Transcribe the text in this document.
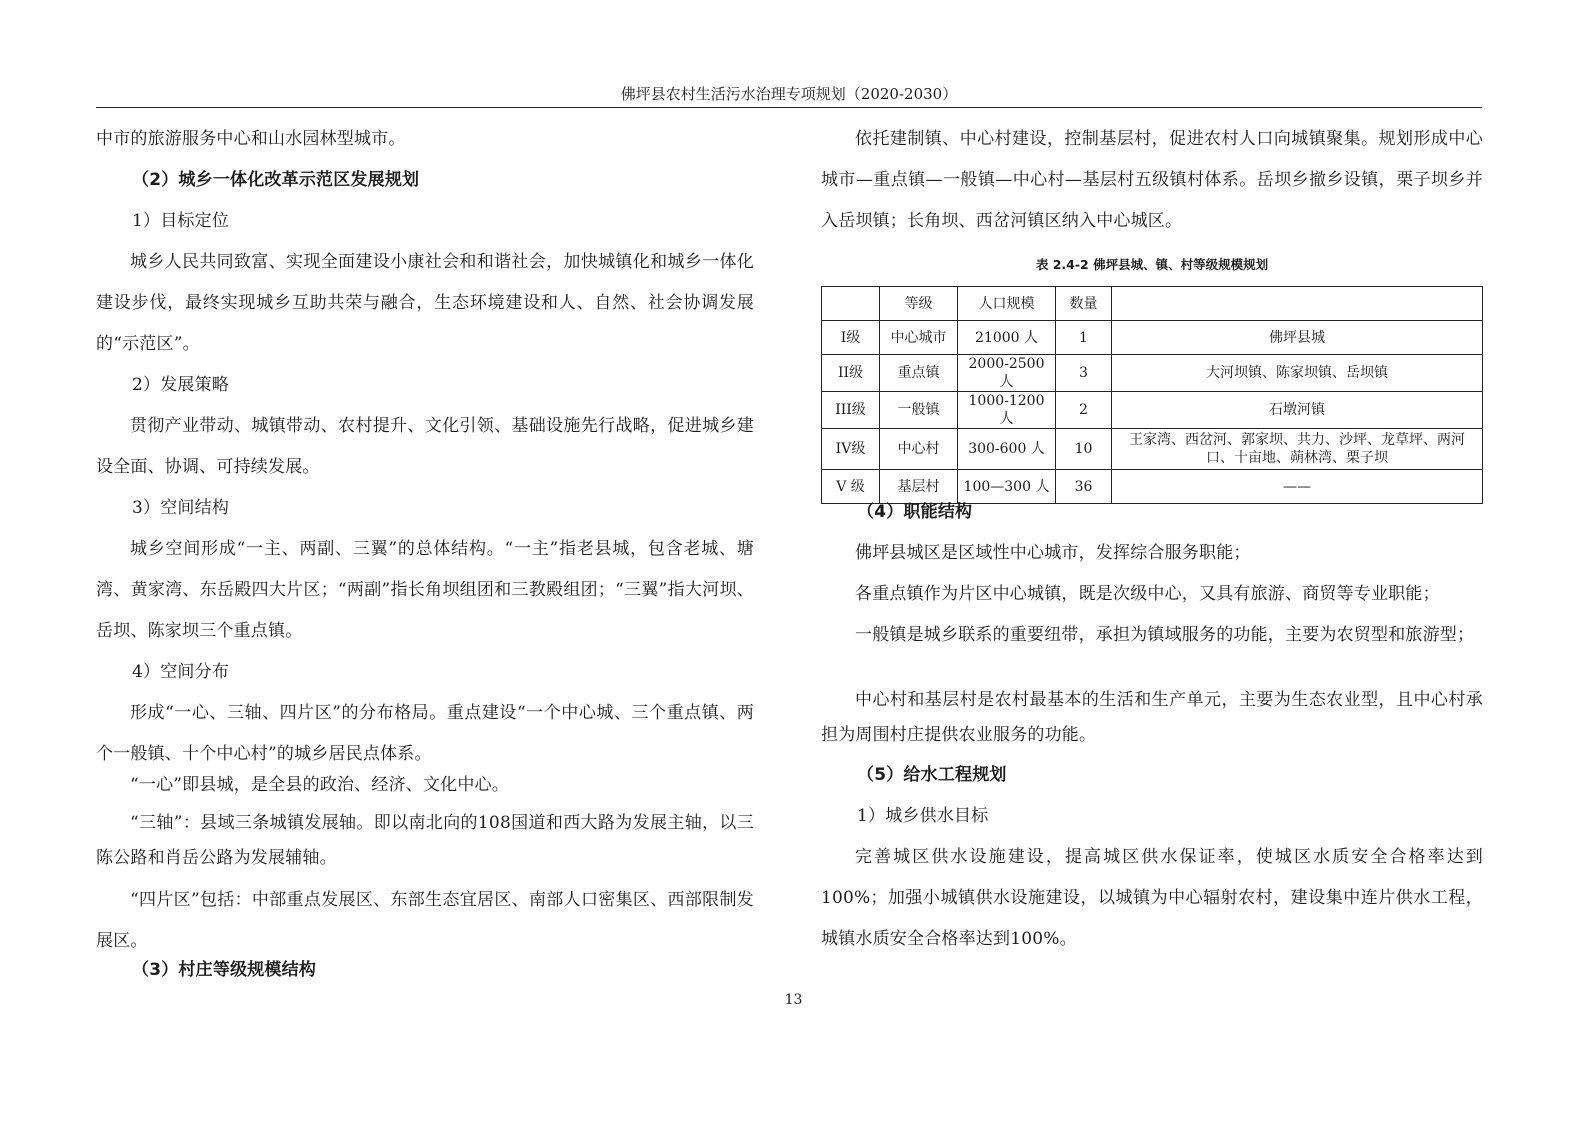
佛坪县农村生活污水治理专项规划（2020-2030）
中市的旅游服务中心和山水园林型城市。
（2）城乡一体化改革示范区发展规划
1）目标定位
城乡人民共同致富、实现全面建设小康社会和和谐社会，加快城镇化和城乡一体化建设步伐，最终实现城乡互助共荣与融合，生态环境建设和人、自然、社会协调发展的“示范区”。
2）发展策略
贯彻产业带动、城镇带动、农村提升、文化引领、基础设施先行战略，促进城乡建设全面、协调、可持续发展。
3）空间结构
城乡空间形成“一主、两副、三翼”的总体结构。“一主”指老县城，包含老城、塘湾、黄家湾、东岳殿四大片区；“两副”指长角坝组团和三教殿组团；“三翼”指大河坝、岳坝、陈家坝三个重点镇。
4）空间分布
形成“一心、三轴、四片区”的分布格局。重点建设“一个中心城、三个重点镇、两个一般镇、十个中心村”的城乡居民点体系。
“一心”即县城，是全县的政治、经济、文化中心。
“三轴”：县域三条城镇发展轴。即以南北向的108国道和西大路为发展主轴，以三陈公路和肖岳公路为发展辅轴。
“四片区”包括：中部重点发展区、东部生态宜居区、南部人口密集区、西部限制发展区。
（3）村庄等级规模结构
依托建制镇、中心村建设，控制基层村，促进农村人口向城镇聚集。规划形成中心城市—重点镇—一般镇—中心村—基层村五级镇村体系。岳坝乡撤乡设镇，栗子坝乡并入岳坝镇；长角坝、西岔河镇区纳入中心城区。
表 2.4-2 佛坪县城、镇、村等级规模规划
	等级	人口规模	数量	
I级	中心城市	21000 人	1	佛坪县城
II级	重点镇	2000-2500 人	3	大河坝镇、陈家坝镇、岳坝镇
III级	一般镇	1000-1200 人	2	石墩河镇
IV级	中心村	300-600 人	10	王家湾、西岔河、郭家坝、共力、沙坪、龙草坪、两河口、十亩地、蒴林湾、栗子坝
V 级	基层村	100—300 人	36	——
（4）职能结构
佛坪县城区是区域性中心城市，发挥综合服务职能；
各重点镇作为片区中心城镇，既是次级中心，又具有旅游、商贸等专业职能；
一般镇是城乡联系的重要纽带，承担为镇域服务的功能，主要为农贸型和旅游型；
中心村和基层村是农村最基本的生活和生产单元，主要为生态农业型，且中心村承担为周围村庄提供农业服务的功能。
（5）给水工程规划
1）城乡供水目标
完善城区供水设施建设，提高城区供水保证率，使城区水质安全合格率达到100%；加强小城镇供水设施建设，以城镇为中心辐射农村，建设集中连片供水工程，城镇水质安全合格率达到100%。
13
